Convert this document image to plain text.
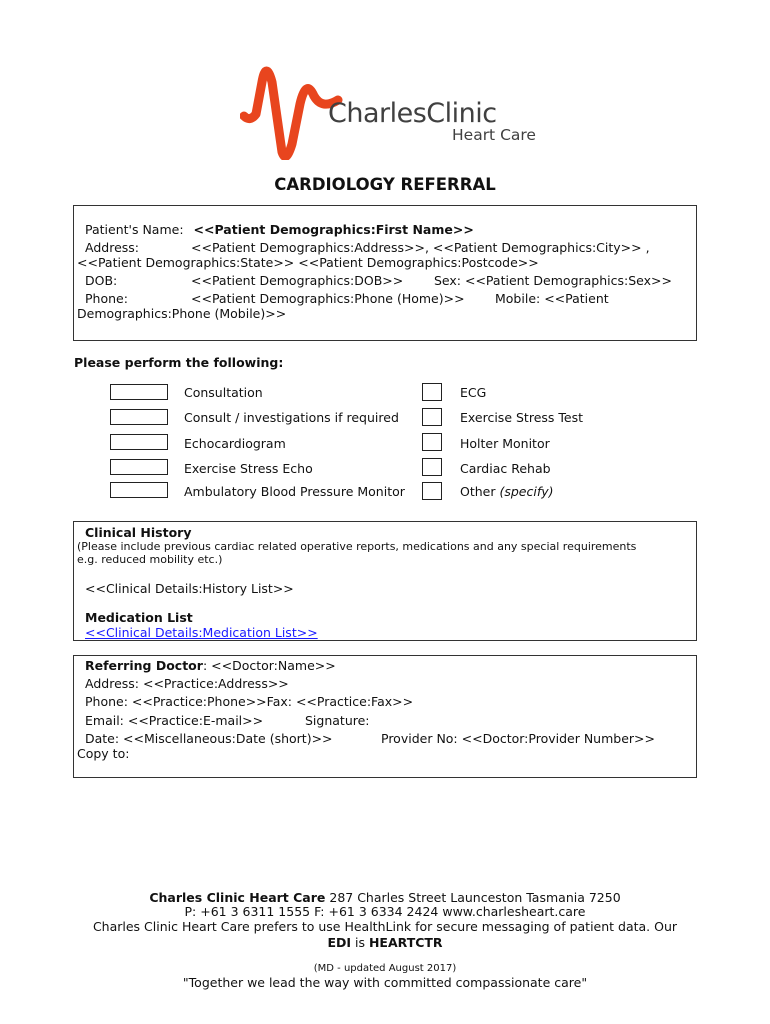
CharlesClinic
Heart Care
CARDIOLOGY REFERRAL
Patient's Name: <<Patient Demographics:First Name>>
Address:	<<Patient Demographics:Address>>, <<Patient Demographics:City>> ,
<<Patient Demographics:State>> <<Patient Demographics:Postcode>>
DOB:	<<Patient Demographics:DOB>> Sex: <<Patient Demographics:Sex>>
Phone:	<<Patient Demographics:Phone (Home)>> Mobile: <<Patient
Demographics:Phone (Mobile)>>
Please perform the following:
Consultation	ECG
Consult / investigations if required	Exercise Stress Test
Echocardiogram	Holter Monitor
Exercise Stress Echo	Cardiac Rehab
Ambulatory Blood Pressure Monitor	Other (specify)
Clinical History
(Please include previous cardiac related operative reports, medications and any special requirements
e.g. reduced mobility etc.)
<<Clinical Details:History List>>
Medication List
<<Clinical Details:Medication List>>
Referring Doctor: <<Doctor:Name>>
Address: <<Practice:Address>>
Phone: <<Practice:Phone>>Fax: <<Practice:Fax>>
Email: <<Practice:E-mail>>	Signature:
Date: <<Miscellaneous:Date (short)>>	Provider No: <<Doctor:Provider Number>>
Copy to:
Charles Clinic Heart Care 287 Charles Street Launceston Tasmania 7250
P: +61 3 6311 1555 F: +61 3 6334 2424 www.charlesheart.care
Charles Clinic Heart Care prefers to use HealthLink for secure messaging of patient data. Our
EDI is HEARTCTR
(MD - updated August 2017)
"Together we lead the way with committed compassionate care"
